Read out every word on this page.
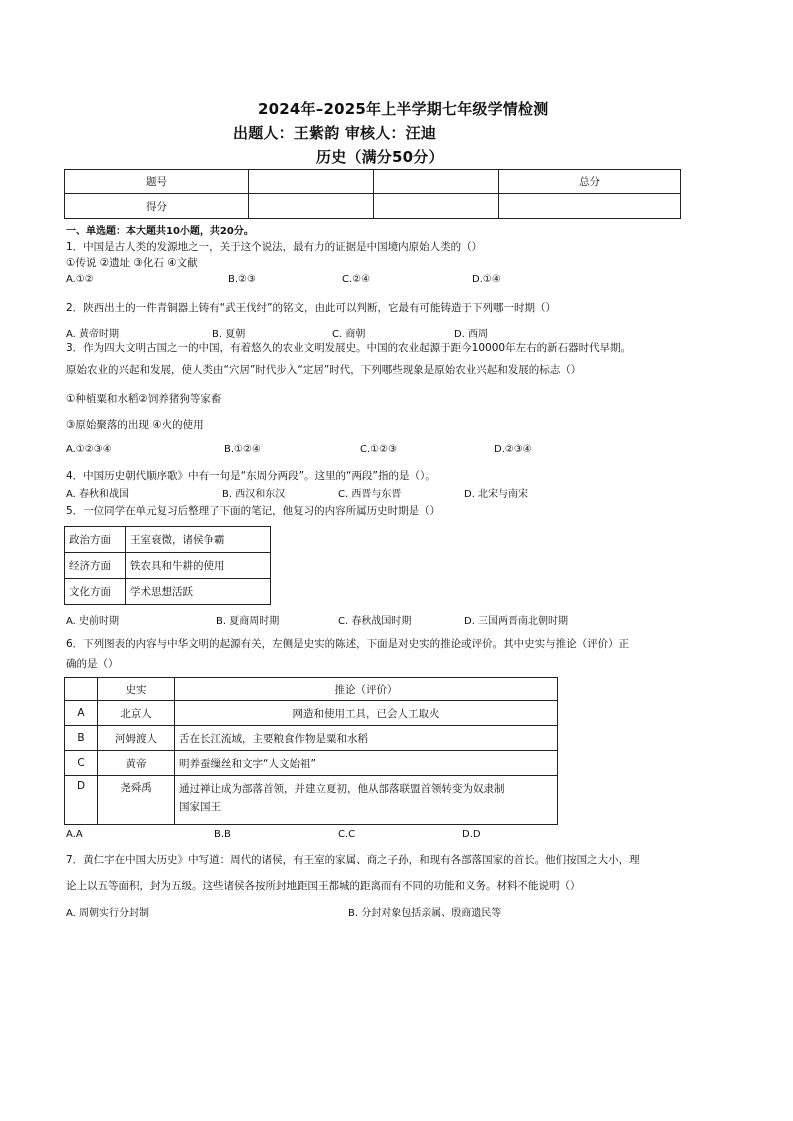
2024年–2025年上半学期七年级学情检测
出题人：王紫韵 审核人：汪迪
历史（满分50分）
题号			总分
得分			
一、单选题：本大题共10小题，共20分。
1．中国是古人类的发源地之一，关于这个说法，最有力的证据是中国境内原始人类的（）
①传说 ②遗址 ③化石 ④文献
A.①②	B.②③	C.②④	D.①④
2．陕西出土的一件青铜器上铸有“武王伐纣”的铭文，由此可以判断，它最有可能铸造于下列哪一时期（）
A. 黄帝时期	B. 夏朝	C. 商朝	D. 西周
3．作为四大文明古国之一的中国，有着悠久的农业文明发展史。中国的农业起源于距今10000年左右的新石器时代早期。
原始农业的兴起和发展，使人类由“穴居”时代步入“定居”时代，下列哪些现象是原始农业兴起和发展的标志（）
①种植粟和水稻②饲养猪狗等家畜
③原始聚落的出现 ④火的使用
A.①②③④	B.①②④	C.①②③	D.②③④
4．中国历史朝代顺序歌》中有一句是“东周分两段”。这里的“两段”指的是（）。
A. 春秋和战国	B. 西汉和东汉	C. 西晋与东晋	D. 北宋与南宋
5．一位同学在单元复习后整理了下面的笔记，他复习的内容所属历史时期是（）
政治方面	王室衰微，诸侯争霸
经济方面	铁农具和牛耕的使用
文化方面	学术思想活跃
A. 史前时期	B. 夏商周时期	C. 春秋战国时期	D. 三国两晋南北朝时期
6．下列图表的内容与中华文明的起源有关，左侧是史实的陈述，下面是对史实的推论或评价。其中史实与推论（评价）正
确的是（）
	史实	推论（评价）
A	北京人	网造和使用工具，已会人工取火
B	河姆渡人	舌在长江流域，主要粮食作物是粟和水稻
C	黄帝	明养蚕缫丝和文字“人文始祖”
D	尧舜禹	通过禅让成为部落首领，并建立夏初，他从部落联盟首领转变为奴隶制
国家国王
A.A	B.B	C.C	D.D
7．黄仁宇在中国大历史》中写道：周代的诸侯，有王室的家属、商之子孙，和现有各部落国家的首长。他们按国之大小，理
论上以五等面积，封为五级。这些诸侯各按所封地距国王都城的距离而有不同的功能和义务。材料不能说明（）
A. 周朝实行分封制	B. 分封对象包括亲属、殷商遗民等
